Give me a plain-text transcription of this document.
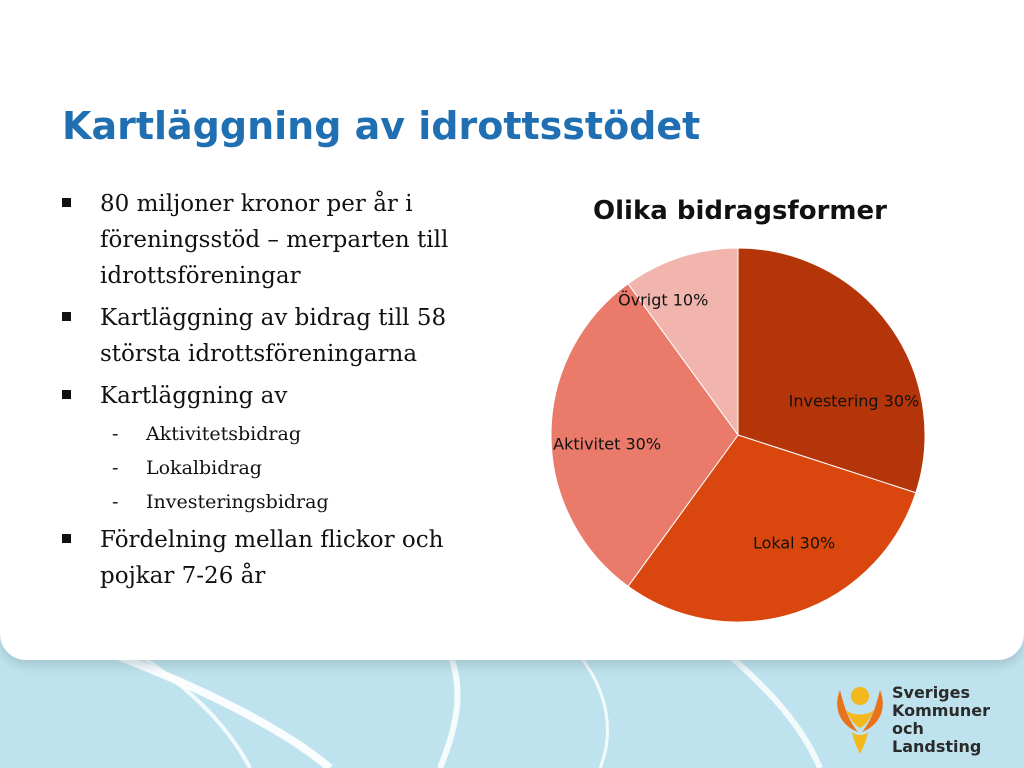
Kartläggning av idrottsstödet
80 miljoner kronor per år i föreningsstöd – merparten till idrottsföreningar
Kartläggning av bidrag till 58 största idrottsföreningarna
Kartläggning av
- Aktivitetsbidrag
- Lokalbidrag
- Investeringsbidrag
Fördelning mellan flickor och pojkar 7-26 år
Olika bidragsformer
Investering 30%
Lokal 30%
Aktivitet 30%
Övrigt 10%
Sveriges
Kommuner
och Landsting
